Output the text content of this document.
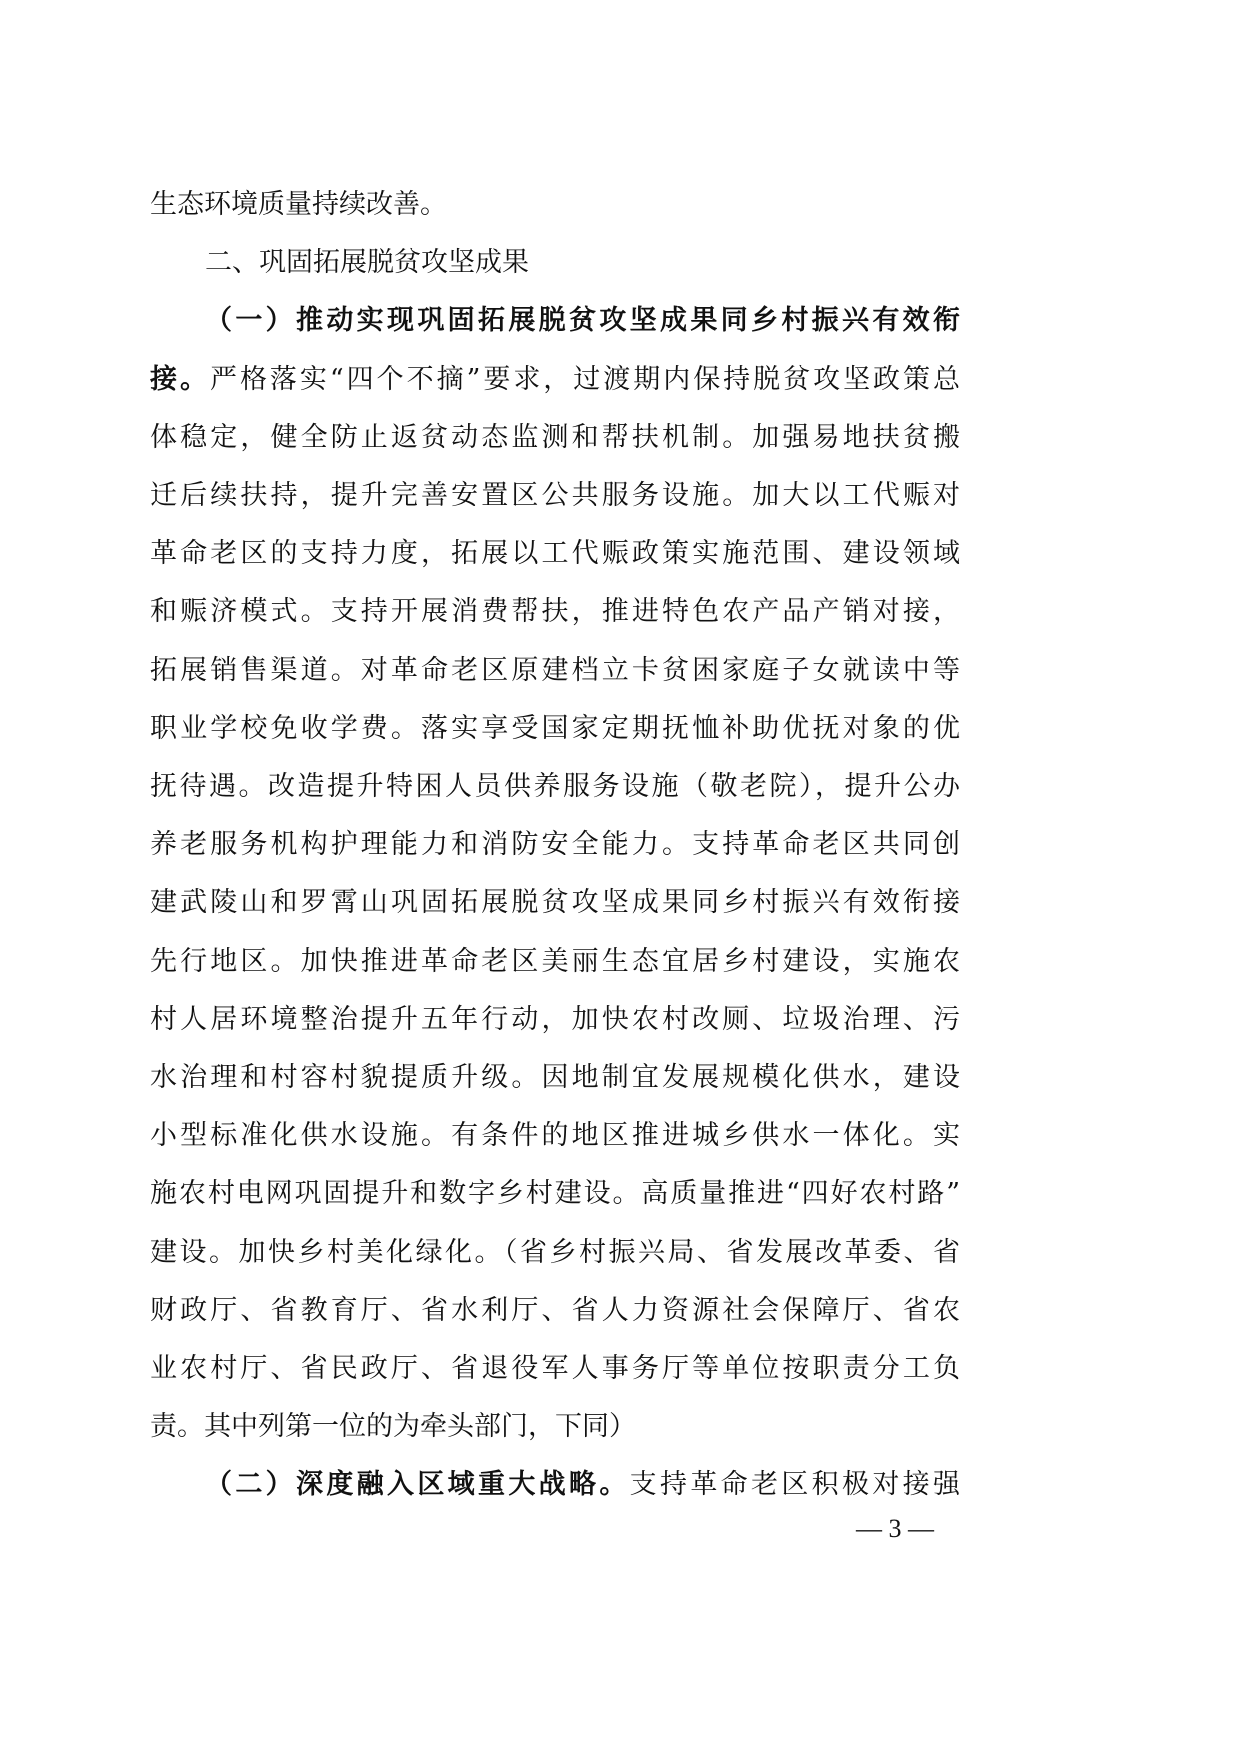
生态环境质量持续改善。
二、巩固拓展脱贫攻坚成果
（一）推动实现巩固拓展脱贫攻坚成果同乡村振兴有效衔
接。严格落实“四个不摘”要求，过渡期内保持脱贫攻坚政策总
体稳定，健全防止返贫动态监测和帮扶机制。加强易地扶贫搬
迁后续扶持，提升完善安置区公共服务设施。加大以工代赈对
革命老区的支持力度，拓展以工代赈政策实施范围、建设领域
和赈济模式。支持开展消费帮扶，推进特色农产品产销对接，
拓展销售渠道。对革命老区原建档立卡贫困家庭子女就读中等
职业学校免收学费。落实享受国家定期抚恤补助优抚对象的优
抚待遇。改造提升特困人员供养服务设施（敬老院），提升公办
养老服务机构护理能力和消防安全能力。支持革命老区共同创
建武陵山和罗霄山巩固拓展脱贫攻坚成果同乡村振兴有效衔接
先行地区。加快推进革命老区美丽生态宜居乡村建设，实施农
村人居环境整治提升五年行动，加快农村改厕、垃圾治理、污
水治理和村容村貌提质升级。因地制宜发展规模化供水，建设
小型标准化供水设施。有条件的地区推进城乡供水一体化。实
施农村电网巩固提升和数字乡村建设。高质量推进“四好农村路”
建设。加快乡村美化绿化。（省乡村振兴局、省发展改革委、省
财政厅、省教育厅、省水利厅、省人力资源社会保障厅、省农
业农村厅、省民政厅、省退役军人事务厅等单位按职责分工负
责。其中列第一位的为牵头部门，下同）
（二）深度融入区域重大战略。支持革命老区积极对接强
— 3 —
